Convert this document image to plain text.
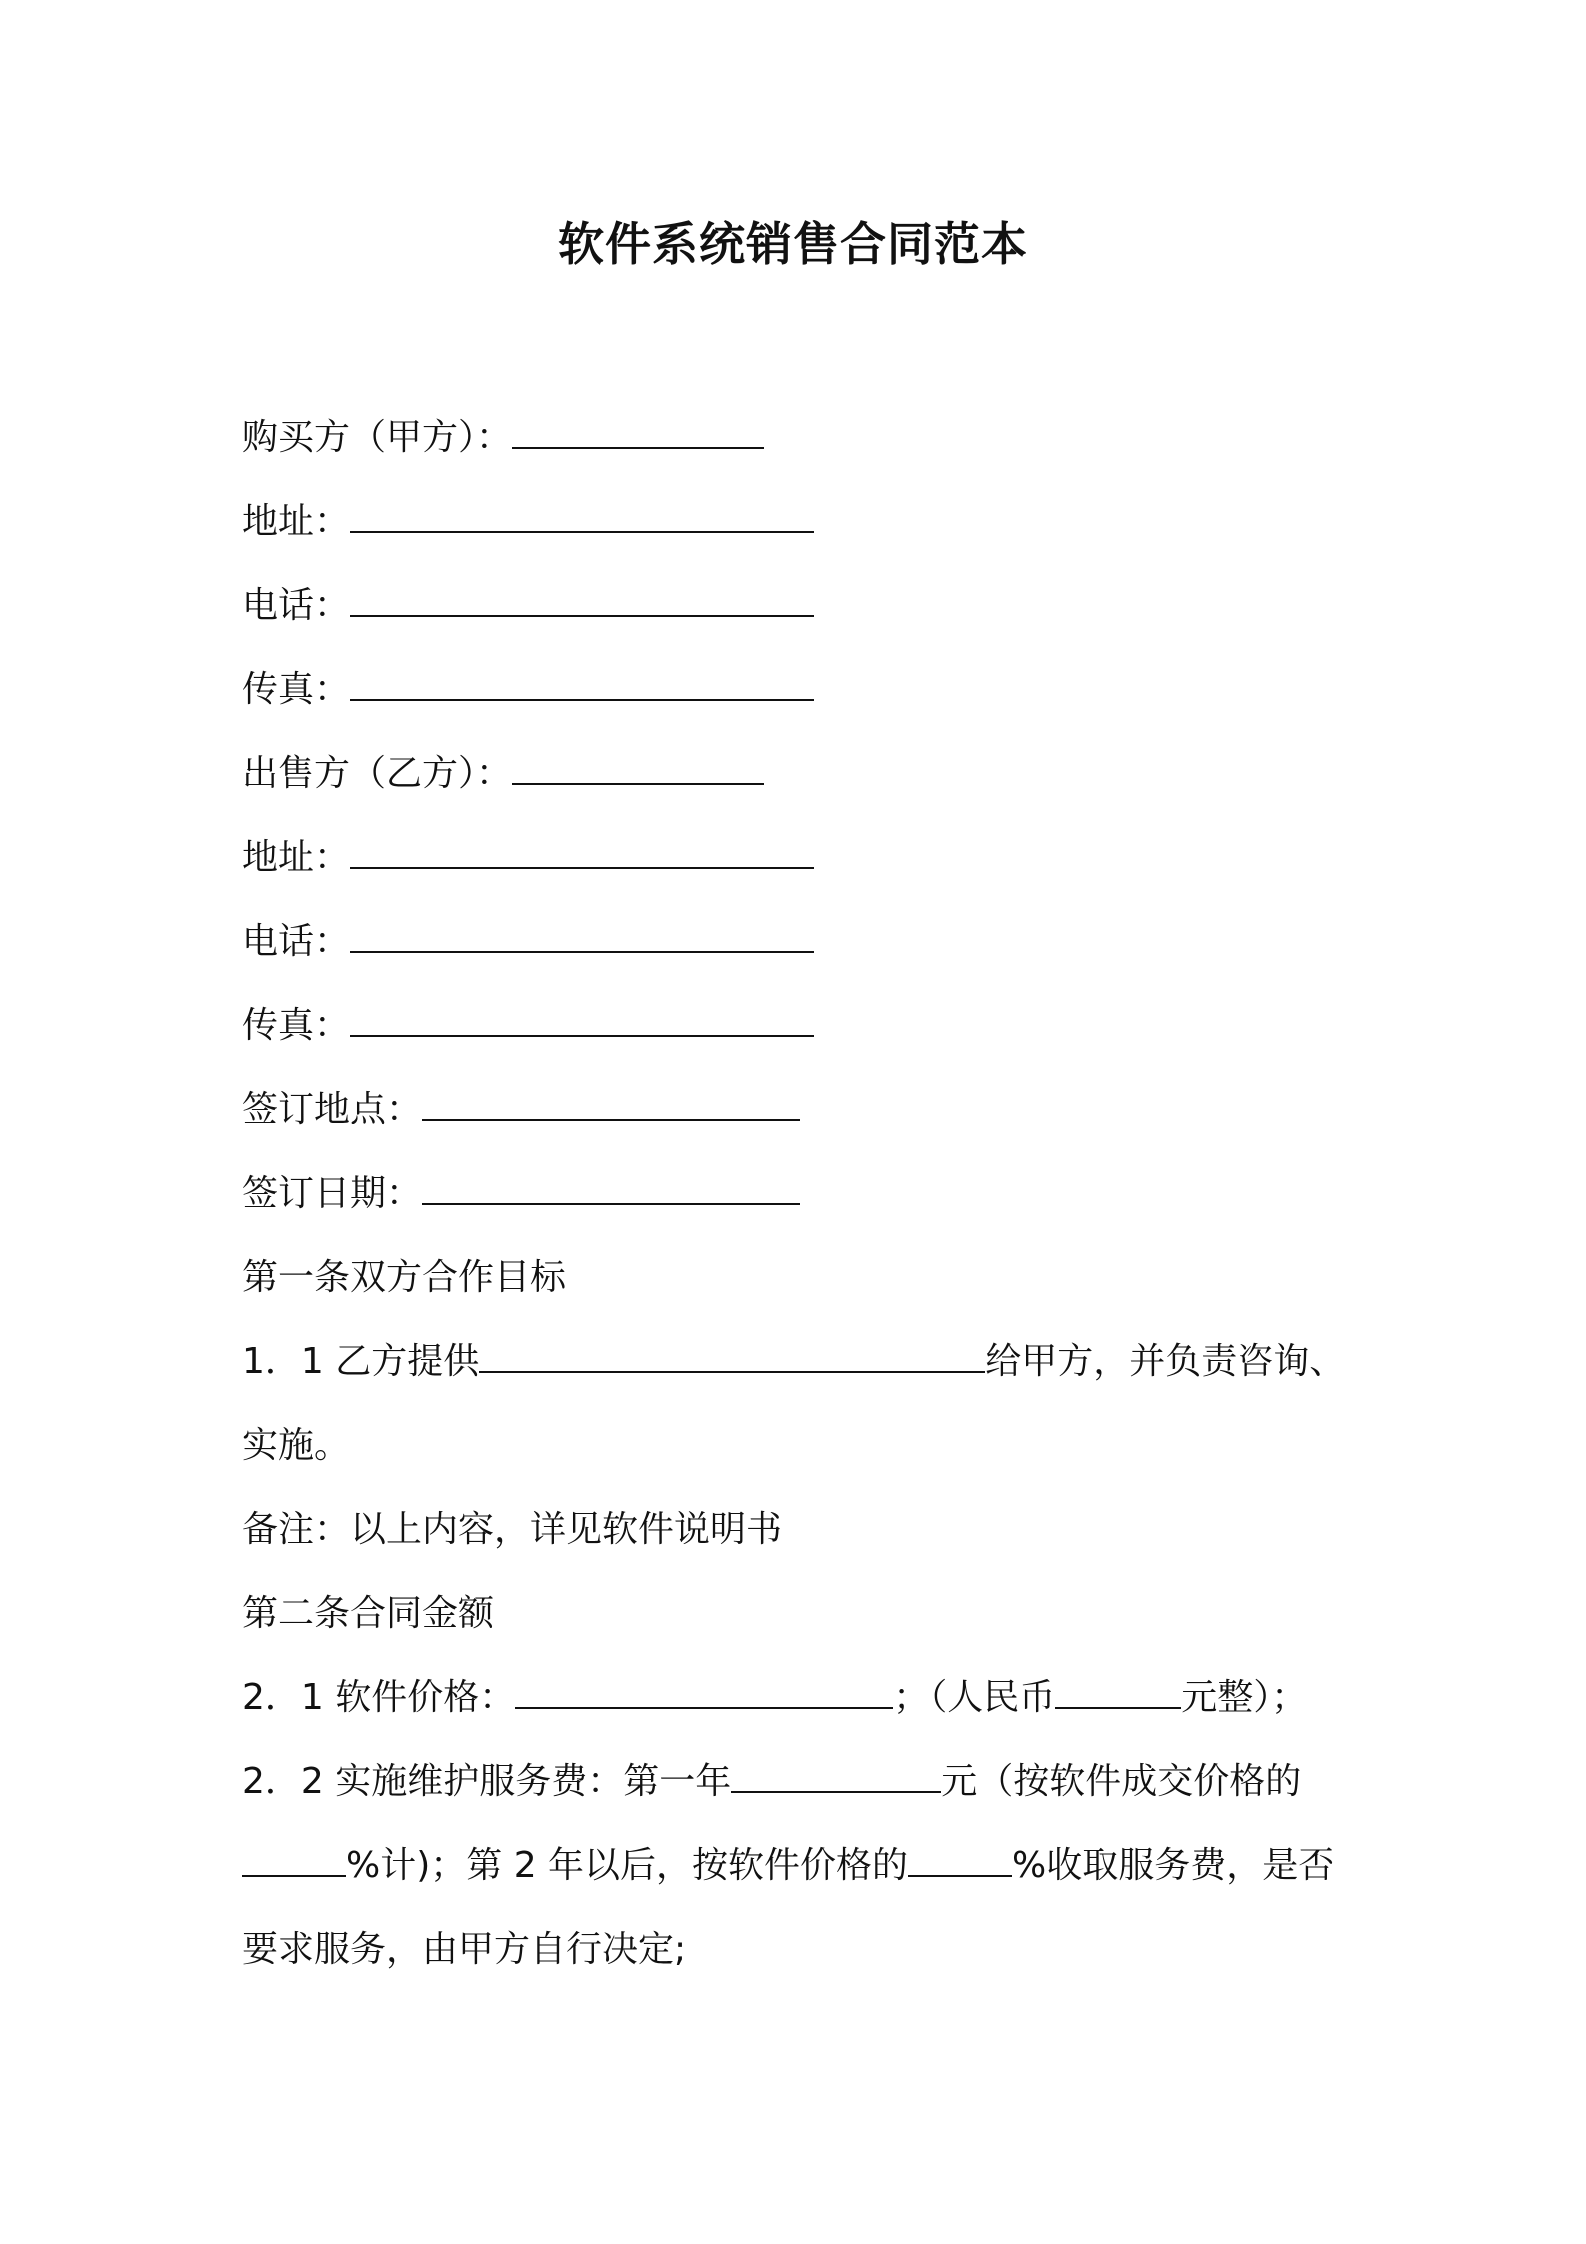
软件系统销售合同范本
购买方（甲方）：
地址：
电话：
传真：
出售方（乙方）：
地址：
电话：
传真：
签订地点：
签订日期：
第一条双方合作目标
1．1 乙方提供	给甲方，并负责咨询、
实施。
备注：以上内容，详见软件说明书
第二条合同金额
2．1 软件价格：	；（人民币	元整）；
2．2 实施维护服务费：第一年	元（按软件成交价格的
%计)；第 2 年以后，按软件价格的	%收取服务费，是否
要求服务，由甲方自行决定;
